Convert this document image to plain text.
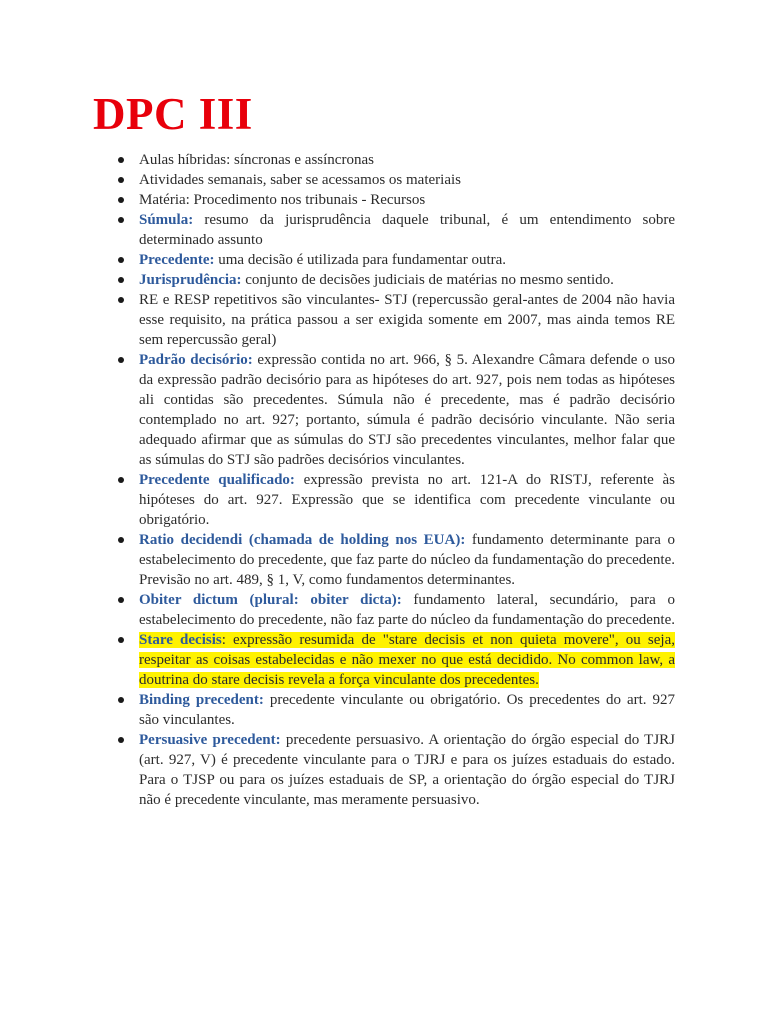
DPC III
Aulas híbridas: síncronas e assíncronas
Atividades semanais, saber se acessamos os materiais
Matéria: Procedimento nos tribunais - Recursos
Súmula: resumo da jurisprudência daquele tribunal, é um entendimento sobre determinado assunto
Precedente: uma decisão é utilizada para fundamentar outra.
Jurisprudência: conjunto de decisões judiciais de matérias no mesmo sentido.
RE e RESP repetitivos são vinculantes- STJ (repercussão geral-antes de 2004 não havia esse requisito, na prática passou a ser exigida somente em 2007, mas ainda temos RE sem repercussão geral)
Padrão decisório: expressão contida no art. 966, § 5. Alexandre Câmara defende o uso da expressão padrão decisório para as hipóteses do art. 927, pois nem todas as hipóteses ali contidas são precedentes. Súmula não é precedente, mas é padrão decisório contemplado no art. 927; portanto, súmula é padrão decisório vinculante. Não seria adequado afirmar que as súmulas do STJ são precedentes vinculantes, melhor falar que as súmulas do STJ são padrões decisórios vinculantes.
Precedente qualificado: expressão prevista no art. 121-A do RISTJ, referente às hipóteses do art. 927. Expressão que se identifica com precedente vinculante ou obrigatório.
Ratio decidendi (chamada de holding nos EUA): fundamento determinante para o estabelecimento do precedente, que faz parte do núcleo da fundamentação do precedente. Previsão no art. 489, § 1, V, como fundamentos determinantes.
Obiter dictum (plural: obiter dicta): fundamento lateral, secundário, para o estabelecimento do precedente, não faz parte do núcleo da fundamentação do precedente.
Stare decisis: expressão resumida de "stare decisis et non quieta movere", ou seja, respeitar as coisas estabelecidas e não mexer no que está decidido. No common law, a doutrina do stare decisis revela a força vinculante dos precedentes.
Binding precedent: precedente vinculante ou obrigatório. Os precedentes do art. 927 são vinculantes.
Persuasive precedent: precedente persuasivo. A orientação do órgão especial do TJRJ (art. 927, V) é precedente vinculante para o TJRJ e para os juízes estaduais do estado. Para o TJSP ou para os juízes estaduais de SP, a orientação do órgão especial do TJRJ não é precedente vinculante, mas meramente persuasivo.
